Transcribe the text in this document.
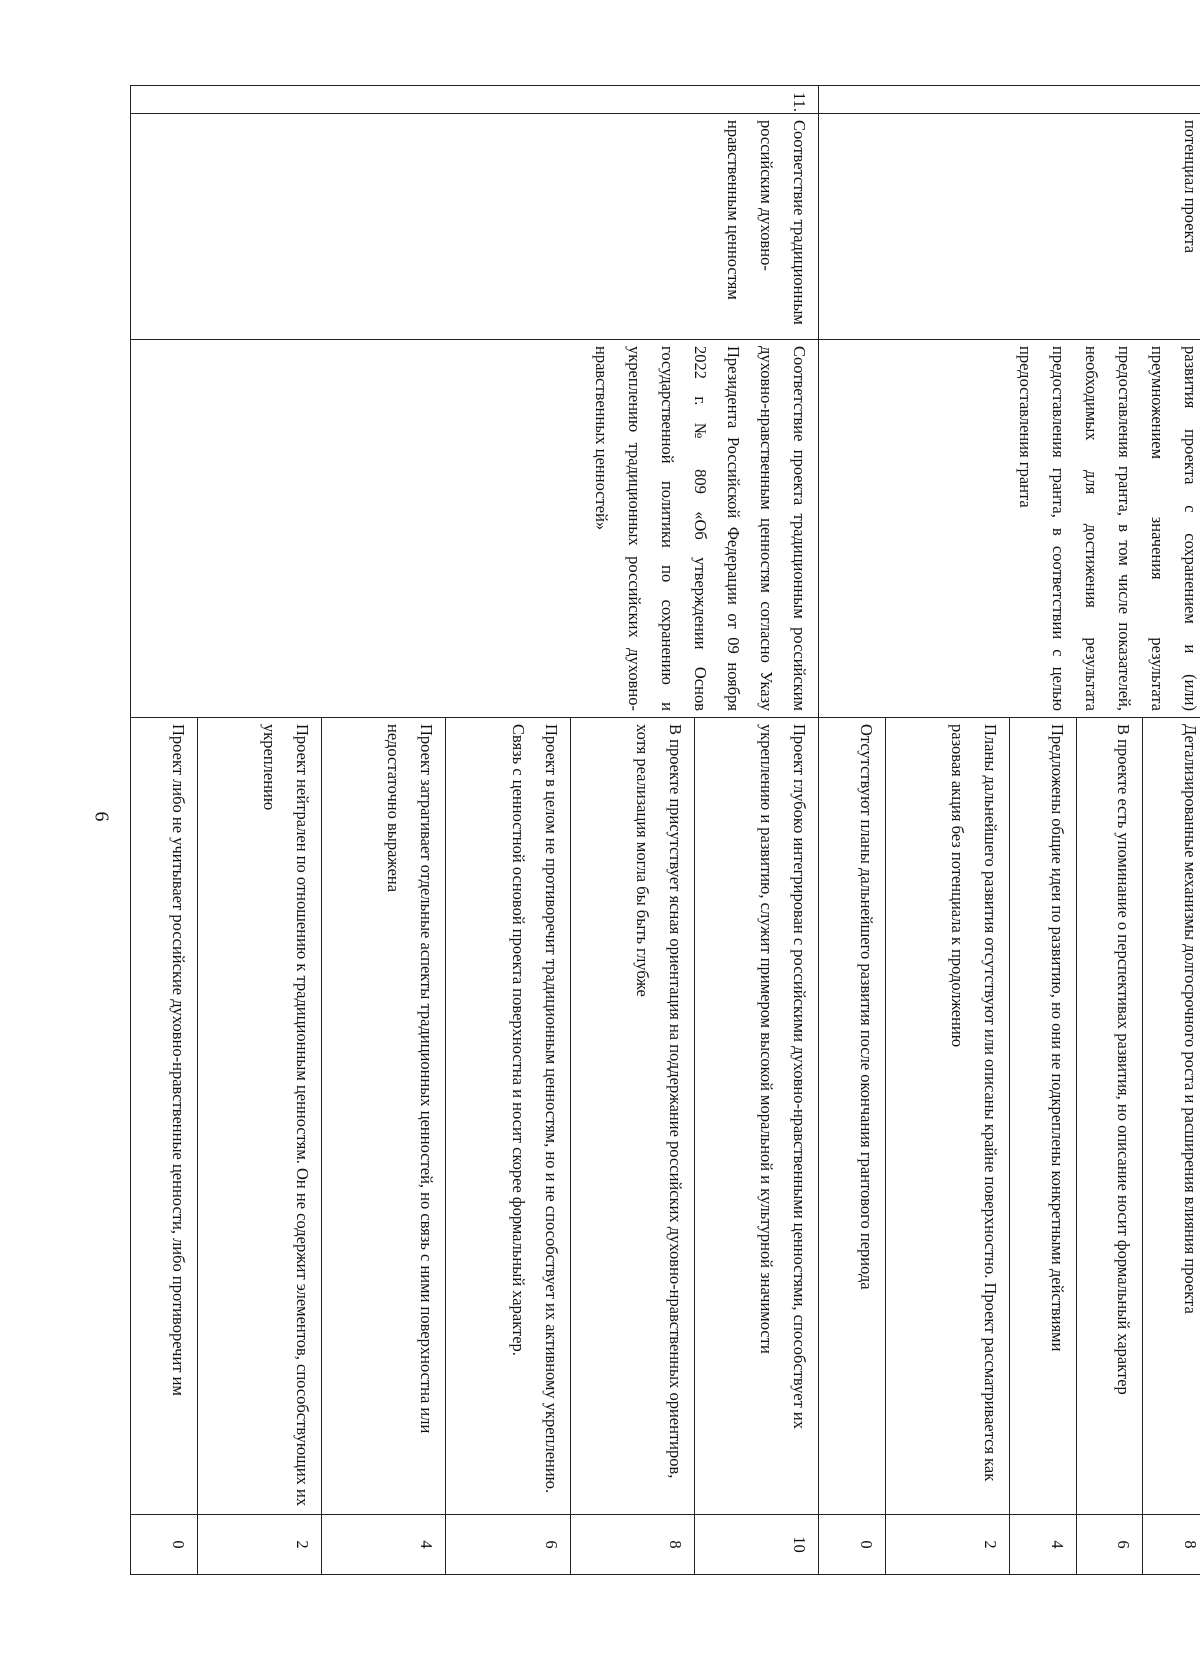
6
	потенциал проекта	развития проекта с сохранением и (или) преумножением значения результата предоставления гранта, в том числе показателей, необходимых для достижения результата предоставления гранта, в соответствии с целью предоставления гранта	Детализированные механизмы долгосрочного роста и расширения влияния проекта	8
			В проекте есть упоминание о перспективах развития, но описание носит формальный характер	6
			Предложены общие идеи по развитию, но они не подкреплены конкретными действиями	4
			Планы дальнейшего развития отсутствуют или описаны крайне поверхностно. Проект рассматривается как разовая акция без потенциала к продолжению	2
			Отсутствуют планы дальнейшего развития после окончания грантового периода	0
11.	Соответствие традиционным российским духовно-нравственным ценностям	Соответствие проекта традиционным российским духовно-нравственным ценностям согласно Указу Президента Российской Федерации от 09 ноября 2022 г. № 809 «Об утверждении Основ государственной политики по сохранению и укреплению традиционных российских духовно-нравственных ценностей»	Проект глубоко интегрирован с российскими духовно-нравственными ценностями, способствует их укреплению и развитию, служит примером высокой моральной и культурной значимости	10
			В проекте присутствует ясная ориентация на поддержание российских духовно-нравственных ориентиров, хотя реализация могла бы быть глубже	8
			Проект в целом не противоречит традиционным ценностям, но и не способствует их активному укреплению. Связь с ценностной основой проекта поверхностна и носит скорее формальный характер.	6
			Проект затрагивает отдельные аспекты традиционных ценностей, но связь с ними поверхностна или недостаточно выражена	4
			Проект нейтрален по отношению к традиционным ценностям. Он не содержит элементов, способствующих их укреплению	2
			Проект либо не учитывает российские духовно-нравственные ценности, либо противоречит им	0
